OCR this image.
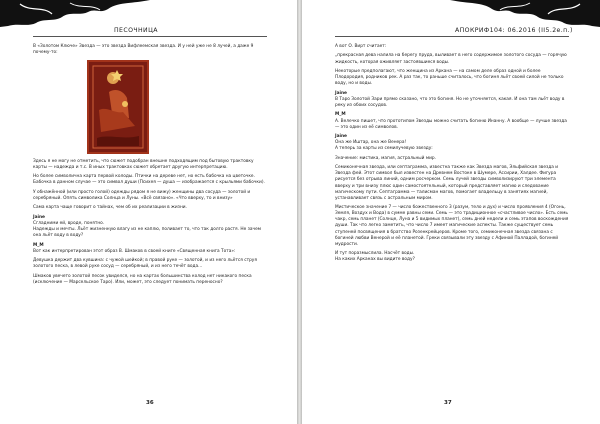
ПЕСОЧНИЦА

В «Золотом Ключе» Звезда — это звезда Вифлеемская звезда. И у ней уже не 8 лучей, а даже 9 почему-то:

Здесь я не могу не отметить, что сюжет подобран внешне подходящим под бытовую трактовку карты — надежда и т.с. В иных трактовках сюжет обретает другую интерпретацию.

Но более символична карта первой колоды. Птички на дереве нет, но есть бабочка на цветочке. Бабочка в данном случае — это символ души (Психея — душа — изображается с крыльями бабочки).

У обнажённой (или просто голой) одежды рядом я не вижу) женщины два сосуда — золотой и серебряный. Опять символика Солнца и Луны. «Всё связано». «Что вверху, то и внизу»

Сама карта чаще говорит о тайнах, чем об их реализации в жизни.

Jaine

Сгладними ей, вроде, понятно.

Надежды и мечты. Льёт жизненную влагу из не каплю, поливает то, что так долго растя. Не зачем она льёт воду в воду?

M_M

Вот как интерпретирован этот образ В. Шмаков в своей книге «Священная книга Тота»:

Девушка держит два кувшина: с чужой шейкой; в правой руке — золотой, и из него льётся струя золотого песка, в левой руке сосуд — серебряный, и из него течёт вода...

Шмаков увечето золотой песок увиделся, но на картах большинства колод нет никакого песка (исключение — Марсельское Таро). Или, может, это следует понимать переносно?

36
АПОКРИФ104: 06.2016 (II5.2е.п.)

А вот О. Вирт считает:

„прекрасная дева налила на берегу пруда, выливает в него содержимое золотого сосуда — горячую жидкость, которая оживляет застоявшиеся воды.

Некоторые предполагают, что женщина из Аркана — на самом деле образ одной и более Плодородия, родников рек. А раз так, то раньше считалось, что богиня льёт своей силой не только воду, но и воды.

Jaine

В Таро Золотой Зари прямо сказано, что это богиня. Но не уточняется, какая. И она там льёт воду в реку из обоих сосудов.

M_M

А. Велечко пишет, что прототипом Звезды можно считать богиню Инанну. А вообще — лучше звезда — это один из её символов.

Jaine

Она же Иштар, она же Венера!

А теперь за карты из семилучевую звезду:

Значение: мистика, магия, астральный мир.

Семиконечная звезда, или септаграмма, известна также как Звезда магов, Эльфийская звезда и Звезда фей. Этот символ был известен на Древнем Востоке в Шумере, Ассирии, Халдее. Фигура рисуется без отрыва линий, одним росчерком. Семь лучей звезды символизируют три элемента вверху и три внизу плюс один самостоятельный, который представляет магию и следование магическому пути. Септаграмма — талисман магов, помогает владельцу в занятиях магией, устанавливает связь с астральным миром.

Мистическое значение 7 — число божественного 3 (разум, тело и дух) и число проявления 4 (Огонь, Земля, Воздух и Вода) в сумме равны семи. Семь — это традиционное «счастливое число». Есть семь чакр, семь планет (Солнце, Луна и 5 видимых планет), семь дней недели и семь этапов воскождения души. Так что легко заметить, что число 7 имеет магические аспекты. Также существует семь ступеней посвящения в братство Розенкрейцеров. Кроме того, семиконечная звезда связана с богиней любви Венерой и её планетой. Греки связывали эту звезду с Афиной Палладой, богиней мудрости.

И тут поразмыслила. Насчёт воды.

На каких Арканах вы видите воду?

37
